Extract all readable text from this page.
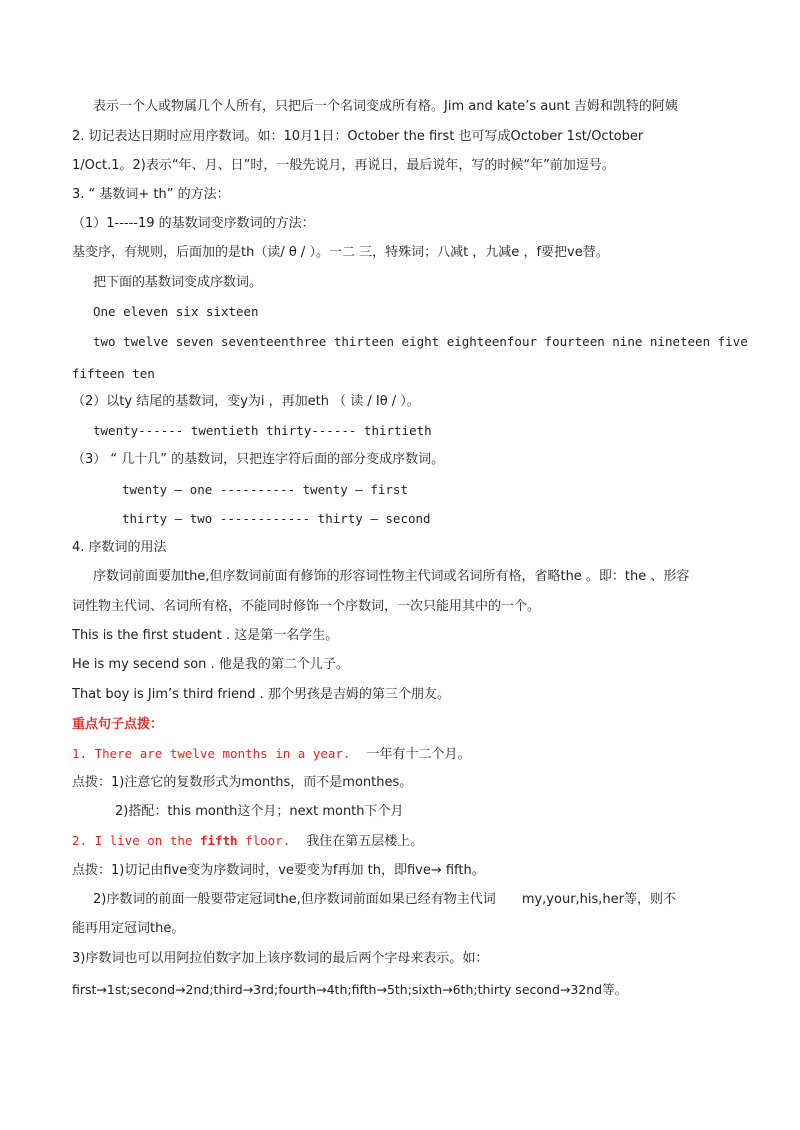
表示一个人或物属几个人所有，只把后一个名词变成所有格。Jim and kate’s aunt 吉姆和凯特的阿姨
2. 切记表达日期时应用序数词。如：10月1日：October the first 也可写成October 1st/October
1/Oct.1。2)表示“年、月、日”时，一般先说月，再说日，最后说年，写的时候“年”前加逗号。
3. “ 基数词+ th” 的方法：
（1）1-----19 的基数词变序数词的方法：
基变序，有规则，后面加的是th（读/ θ / ）。一二 三，特殊词；八减t ，九减e ，f要把ve替。
把下面的基数词变成序数词。
One eleven six sixteen
two twelve seven seventeenthree thirteen eight eighteenfour fourteen nine nineteen five
fifteen ten
（2）以ty 结尾的基数词，变y为i ，再加eth （ 读 / Iθ / ）。
twenty------ twentieth thirty------ thirtieth
（3） “ 几十几” 的基数词，只把连字符后面的部分变成序数词。
twenty — one ---------- twenty — first
thirty — two ------------ thirty — second
4. 序数词的用法
序数词前面要加the,但序数词前面有修饰的形容词性物主代词或名词所有格，省略the 。即：the 、形容
词性物主代词、名词所有格，不能同时修饰一个序数词，一次只能用其中的一个。
This is the first student . 这是第一名学生。
He is my secend son . 他是我的第二个儿子。
That boy is Jim’s third friend . 那个男孩是吉姆的第三个朋友。
重点句子点拨：
1. There are twelve months in a year. 一年有十二个月。
点拨：1)注意它的复数形式为months，而不是monthes。
2)搭配：this month这个月；next month下个月
2. I live on the fifth floor. 我住在第五层楼上。
点拨：1)切记由five变为序数词时，ve要变为f再加 th，即five→ fifth。
2)序数词的前面一般要带定冠词the,但序数词前面如果已经有物主代词 my,your,his,her等，则不
能再用定冠词the。
3)序数词也可以用阿拉伯数字加上该序数词的最后两个字母来表示。如：
first→1st;second→2nd;third→3rd;fourth→4th;fifth→5th;sixth→6th;thirty second→32nd等。
